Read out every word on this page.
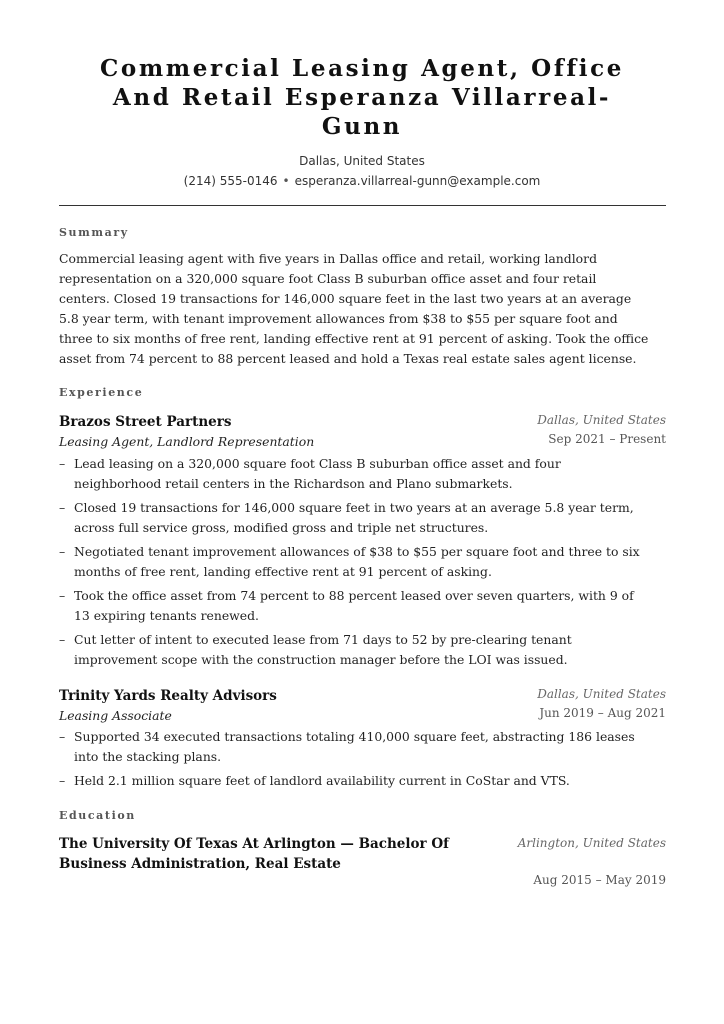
Commercial Leasing Agent, Office
And Retail Esperanza Villarreal-
Gunn
Dallas, United States
(214) 555-0146 • esperanza.villarreal-gunn@example.com
Summary
Commercial leasing agent with five years in Dallas office and retail, working landlord
representation on a 320,000 square foot Class B suburban office asset and four retail
centers. Closed 19 transactions for 146,000 square feet in the last two years at an average
5.8 year term, with tenant improvement allowances from $38 to $55 per square foot and
three to six months of free rent, landing effective rent at 91 percent of asking. Took the office
asset from 74 percent to 88 percent leased and hold a Texas real estate sales agent license.
Experience
Brazos Street Partners	Dallas, United States
Leasing Agent, Landlord Representation	Sep 2021 – Present
– Lead leasing on a 320,000 square foot Class B suburban office asset and four
neighborhood retail centers in the Richardson and Plano submarkets.
– Closed 19 transactions for 146,000 square feet in two years at an average 5.8 year term,
across full service gross, modified gross and triple net structures.
– Negotiated tenant improvement allowances of $38 to $55 per square foot and three to six
months of free rent, landing effective rent at 91 percent of asking.
– Took the office asset from 74 percent to 88 percent leased over seven quarters, with 9 of
13 expiring tenants renewed.
– Cut letter of intent to executed lease from 71 days to 52 by pre-clearing tenant
improvement scope with the construction manager before the LOI was issued.
Trinity Yards Realty Advisors	Dallas, United States
Leasing Associate	Jun 2019 – Aug 2021
– Supported 34 executed transactions totaling 410,000 square feet, abstracting 186 leases
into the stacking plans.
– Held 2.1 million square feet of landlord availability current in CoStar and VTS.
Education
The University Of Texas At Arlington — Bachelor Of
Business Administration, Real Estate
Arlington, United States
Aug 2015 – May 2019
